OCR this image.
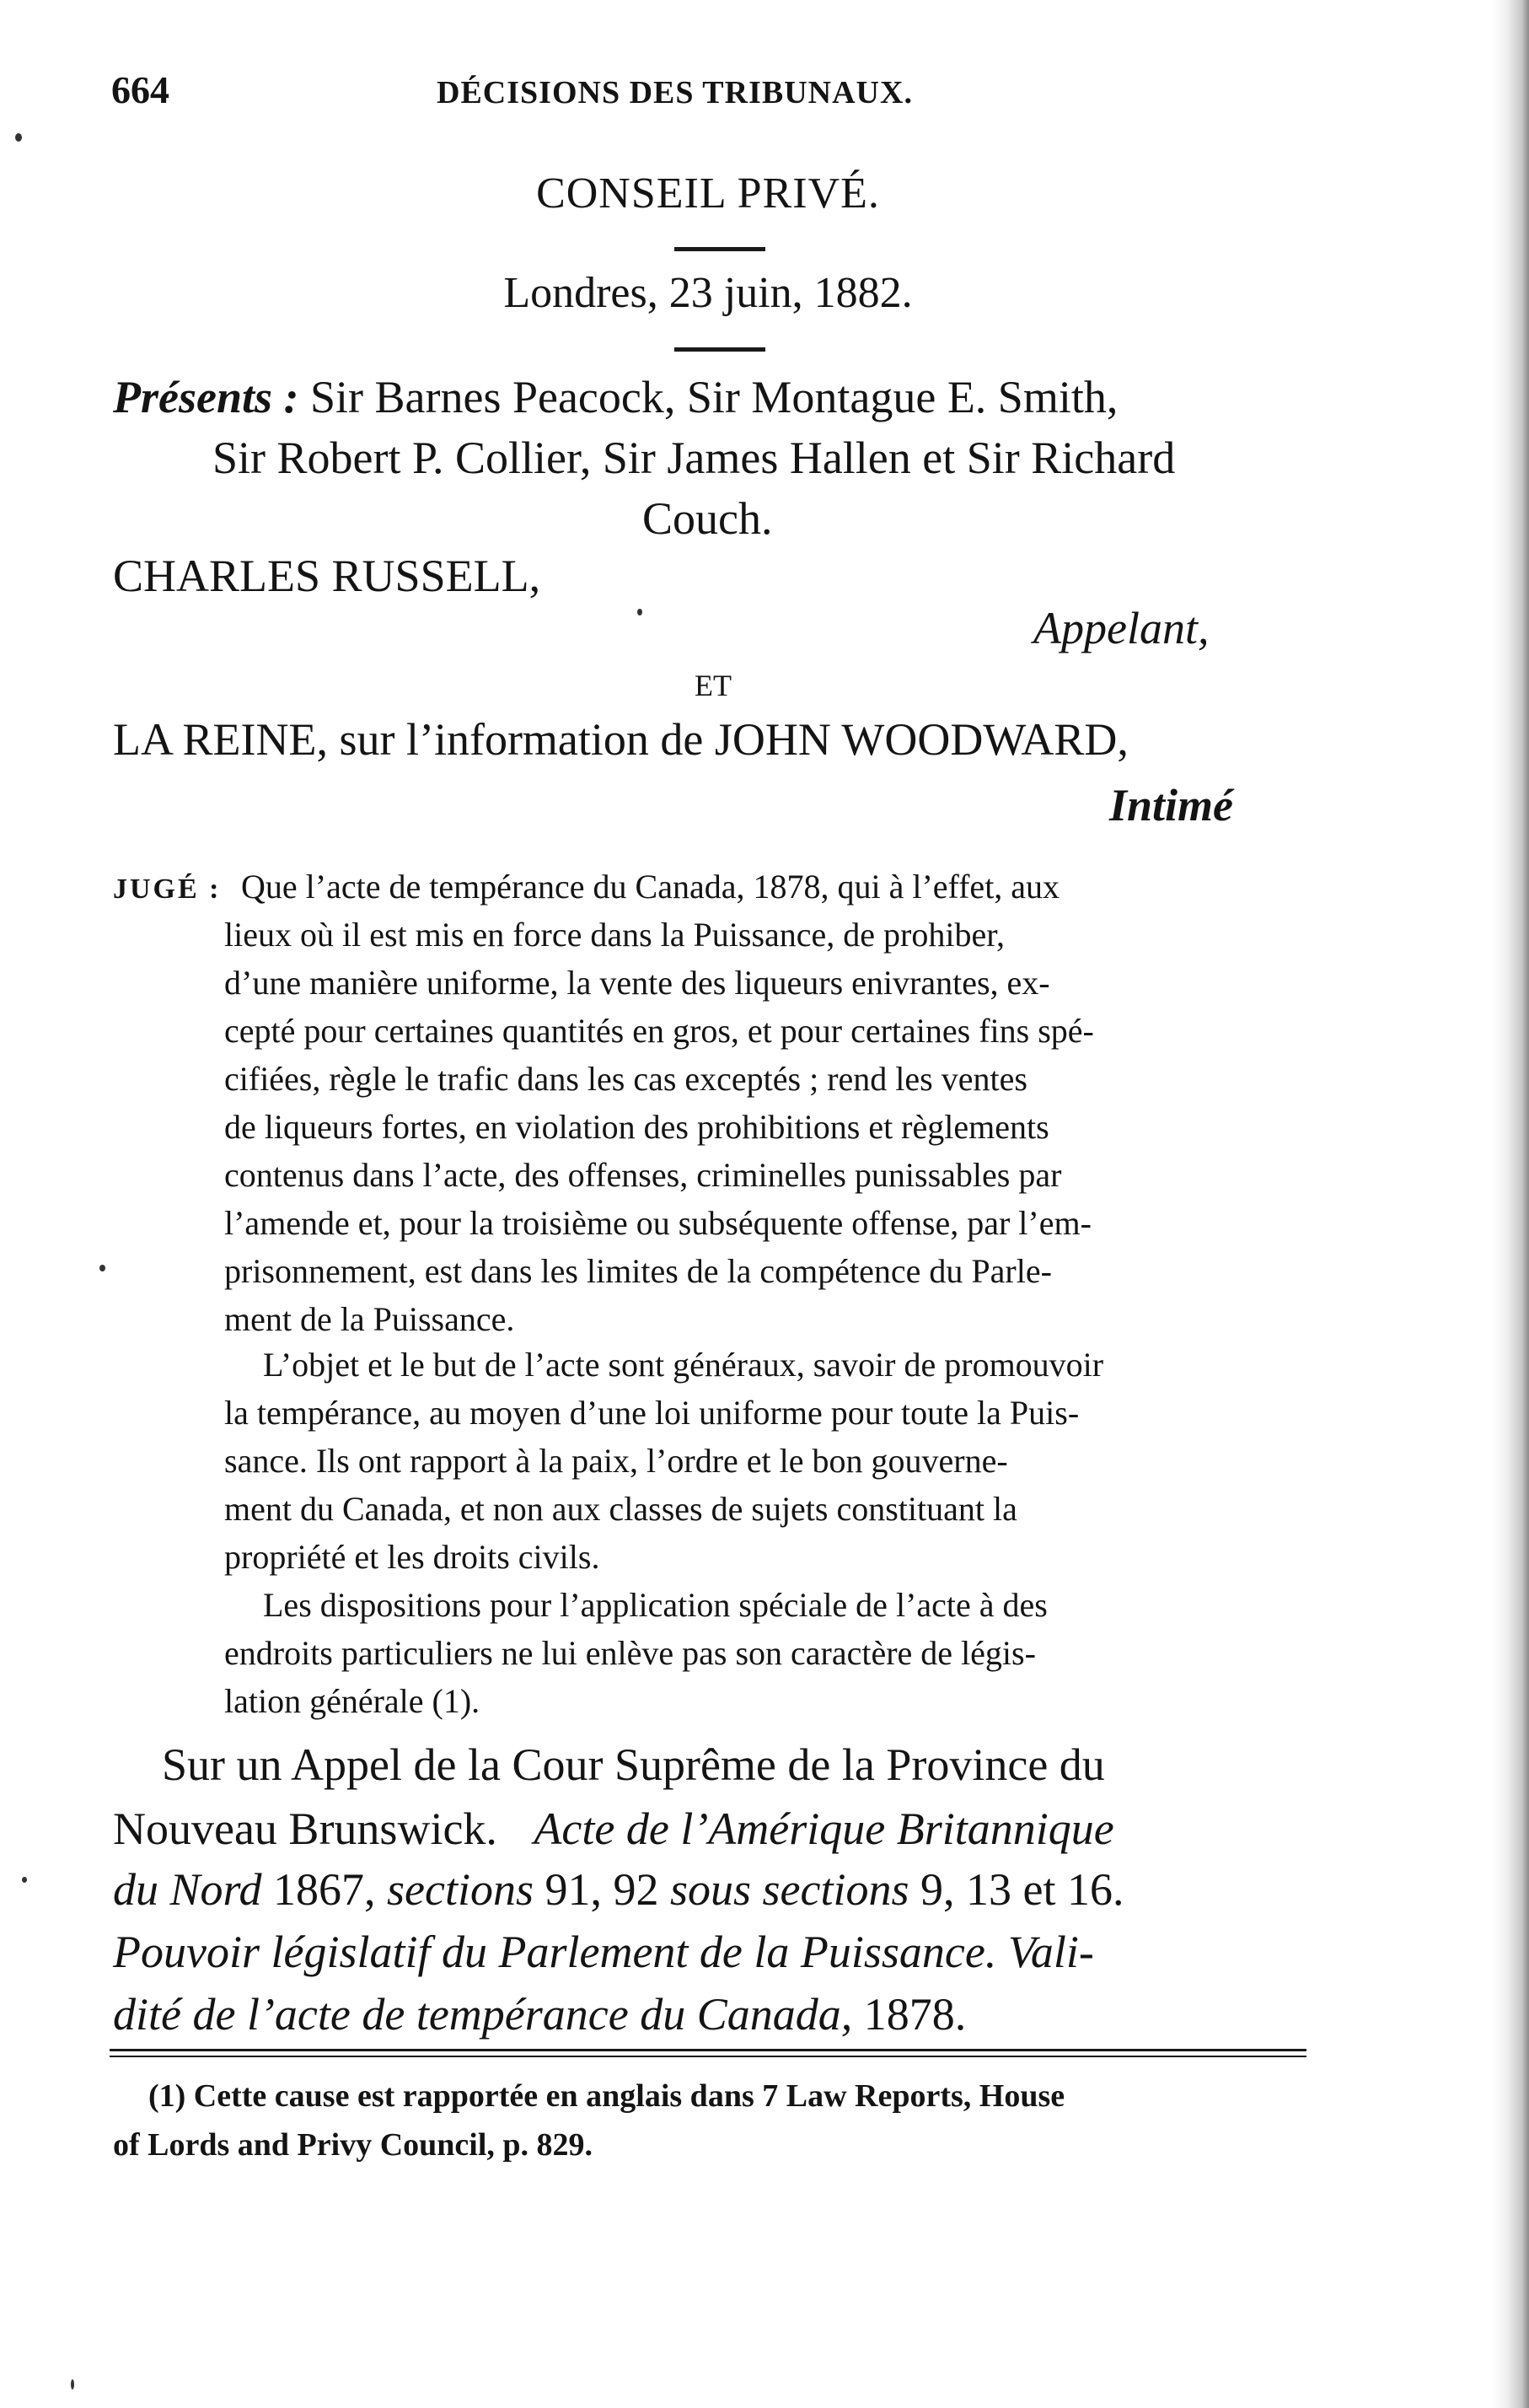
664	DÉCISIONS DES TRIBUNAUX.
CONSEIL PRIVÉ.
Londres, 23 juin, 1882.
Présents : Sir Barnes Peacock, Sir Montague E. Smith,
Sir Robert P. Collier, Sir James Hallen et Sir Richard
Couch.
CHARLES RUSSELL,
Appelant,
ET
LA REINE, sur l’information de JOHN WOODWARD,
Intimé
JUGÉ : Que l’acte de tempérance du Canada, 1878, qui à l’effet, aux
lieux où il est mis en force dans la Puissance, de prohiber,
d’une manière uniforme, la vente des liqueurs enivrantes, ex-
cepté pour certaines quantités en gros, et pour certaines fins spé-
cifiées, règle le trafic dans les cas exceptés ; rend les ventes
de liqueurs fortes, en violation des prohibitions et règlements
contenus dans l’acte, des offenses, criminelles punissables par
l’amende et, pour la troisième ou subséquente offense, par l’em-
prisonnement, est dans les limites de la compétence du Parle-
ment de la Puissance.
L’objet et le but de l’acte sont généraux, savoir de promouvoir
la tempérance, au moyen d’une loi uniforme pour toute la Puis-
sance. Ils ont rapport à la paix, l’ordre et le bon gouverne-
ment du Canada, et non aux classes de sujets constituant la
propriété et les droits civils.
Les dispositions pour l’application spéciale de l’acte à des
endroits particuliers ne lui enlève pas son caractère de légis-
lation générale (1).
Sur un Appel de la Cour Suprême de la Province du
Nouveau Brunswick. Acte de l’Amérique Britannique
du Nord 1867, sections 91, 92 sous sections 9, 13 et 16.
Pouvoir législatif du Parlement de la Puissance. Vali-
dité de l’acte de tempérance du Canada, 1878.
(1) Cette cause est rapportée en anglais dans 7 Law Reports, House
of Lords and Privy Council, p. 829.
